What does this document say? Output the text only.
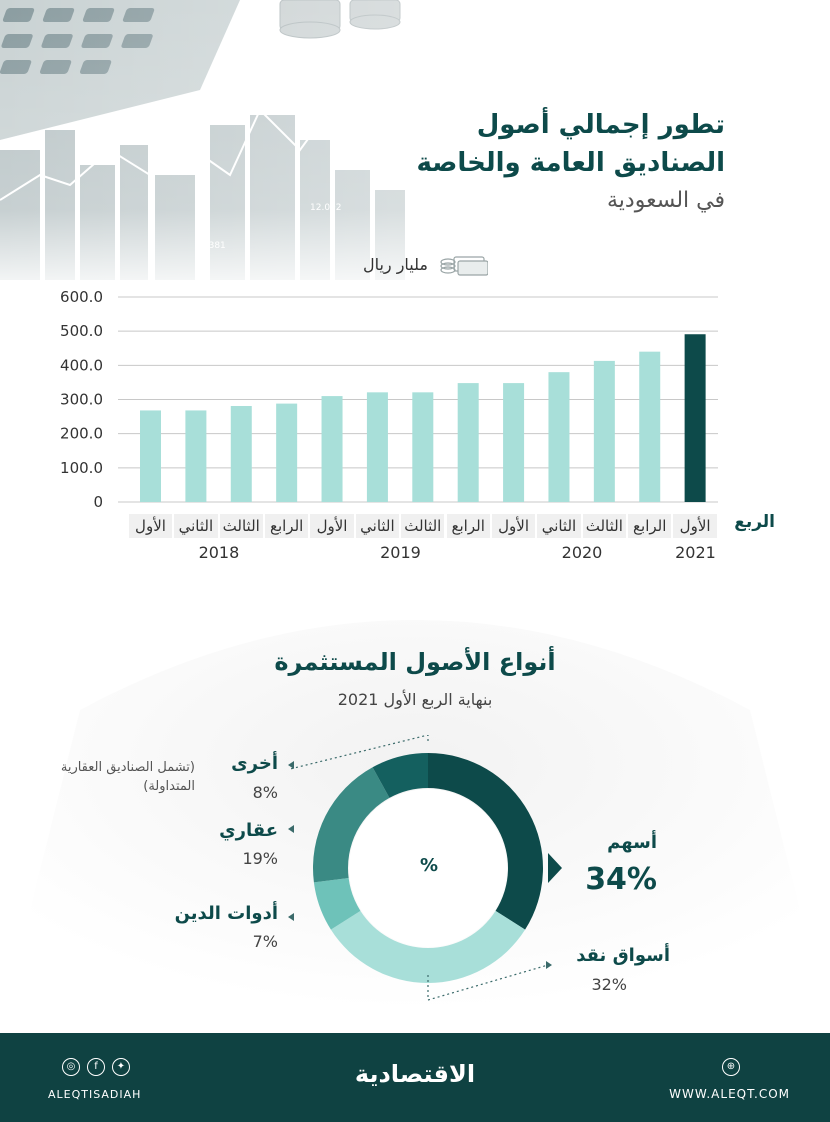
تطور إجمالي أصول
الصناديق العامة والخاصة
في السعودية
مليار ريال
600.0
500.0
400.0
300.0
200.0
100.0
0
الأول الثاني الثالث الرابع الأول الثاني الثالث الرابع الأول الثاني الثالث الرابع الأول
2018	2019	2020	2021
الربع
أنواع الأصول المستثمرة
بنهاية الربع الأول 2021
%
أسهم
34%
أسواق نقد
32%
أدوات الدين
7%
عقاري
19%
أخرى
8%
(تشمل الصناديق العقارية المتداولة)
الاقتصادية
◎	f	✦
ALEQTISADIAH
⊕
WWW.ALEQT.COM
